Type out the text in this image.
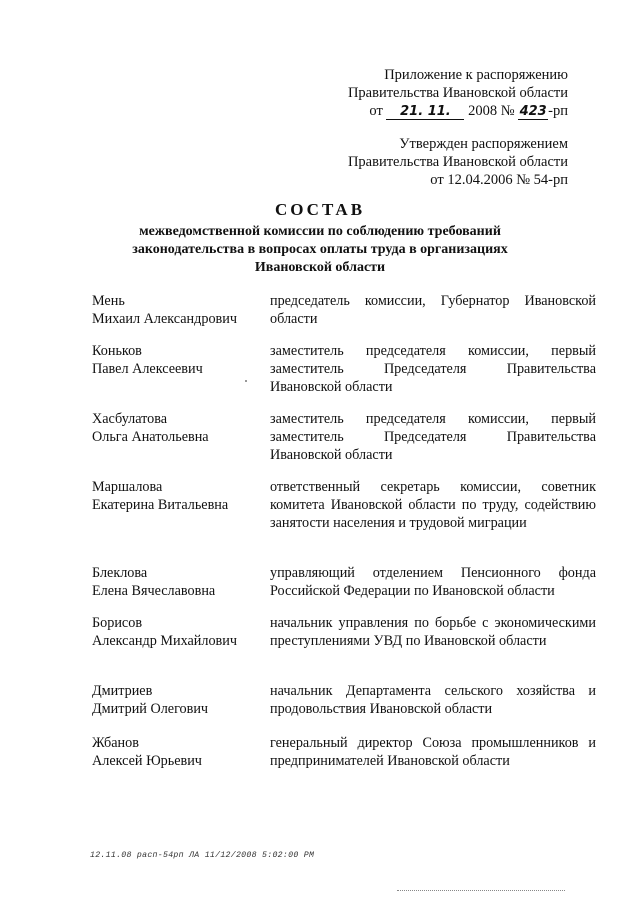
Приложение к распоряжению
Правительства Ивановской области
от 21. 11. 2008 № 423-рп
Утвержден распоряжением
Правительства Ивановской области
от 12.04.2006 № 54-рп
СОСТАВ
межведомственной комиссии по соблюдению требований
законодательства в вопросах оплаты труда в организациях
Ивановской области
Мень
Михаил Александрович
председатель комиссии, Губернатор Ивановской области
Коньков
Павел Алексеевич
заместитель председателя комиссии, первый заместитель Председателя Правительства Ивановской области
Хасбулатова
Ольга Анатольевна
заместитель председателя комиссии, первый заместитель Председателя Правительства Ивановской области
Маршалова
Екатерина Витальевна
ответственный секретарь комиссии, советник комитета Ивановской области по труду, содействию занятости населения и трудовой миграции
Блеклова
Елена Вячеславовна
управляющий отделением Пенсионного фонда Российской Федерации по Ивановской области
Борисов
Александр Михайлович
начальник управления по борьбе с экономическими преступлениями УВД по Ивановской области
Дмитриев
Дмитрий Олегович
начальник Департамента сельского хозяйства и продовольствия Ивановской области
Жбанов
Алексей Юрьевич
генеральный директор Союза промышленников и предпринимателей Ивановской области
12.11.08 расп-54рп ЛА 11/12/2008 5:02:00 PM
